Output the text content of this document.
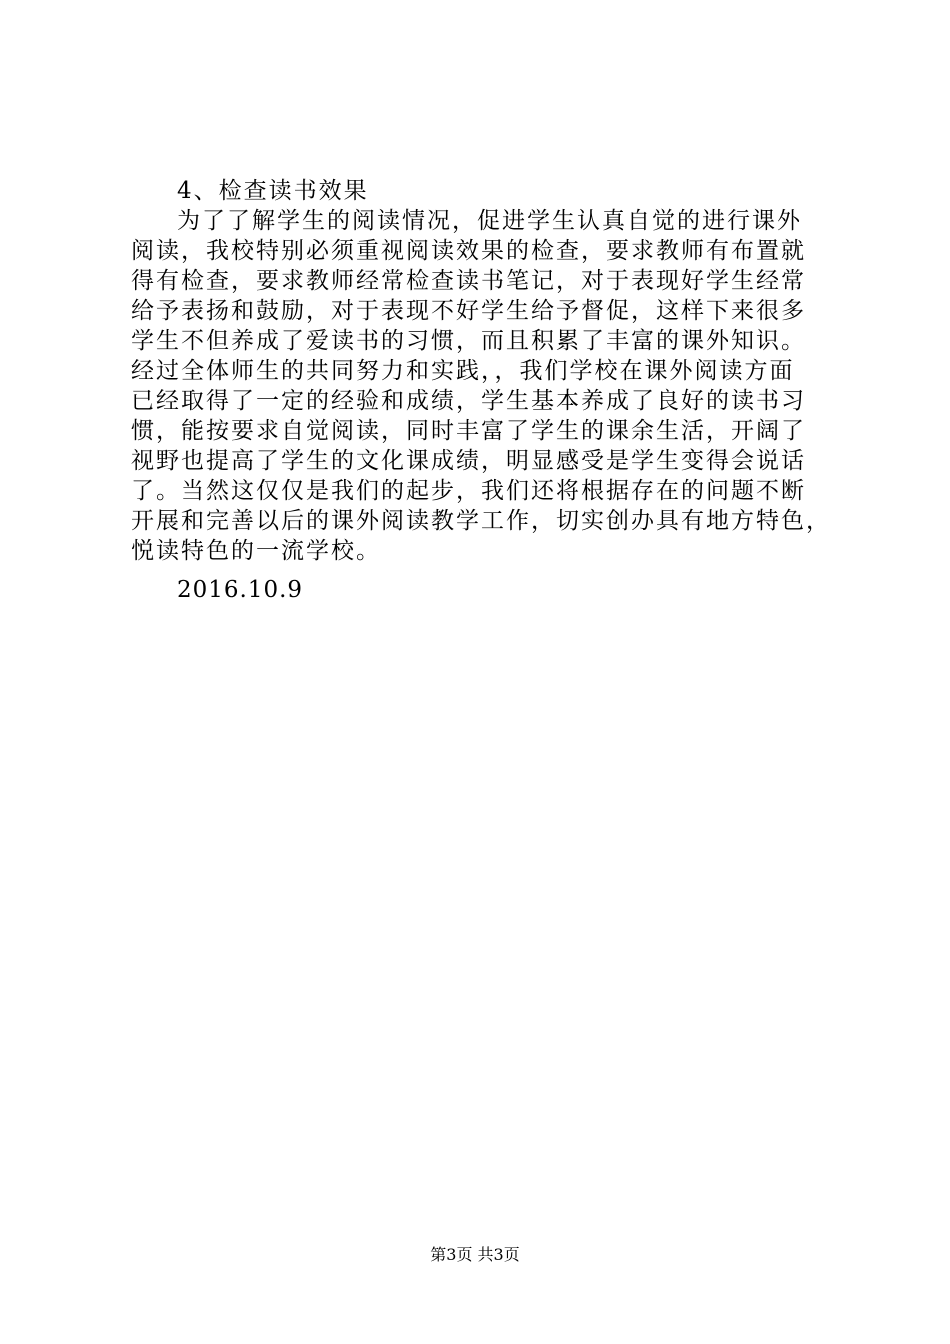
4、检查读书效果
为了了解学生的阅读情况，促进学生认真自觉的进行课外
阅读，我校特别必须重视阅读效果的检查，要求教师有布置就
得有检查，要求教师经常检查读书笔记，对于表现好学生经常
给予表扬和鼓励，对于表现不好学生给予督促，这样下来很多
学生不但养成了爱读书的习惯，而且积累了丰富的课外知识。
经过全体师生的共同努力和实践，，我们学校在课外阅读方面
已经取得了一定的经验和成绩，学生基本养成了良好的读书习
惯，能按要求自觉阅读，同时丰富了学生的课余生活，开阔了
视野也提高了学生的文化课成绩，明显感受是学生变得会说话
了。当然这仅仅是我们的起步，我们还将根据存在的问题不断
开展和完善以后的课外阅读教学工作，切实创办具有地方特色，
悦读特色的一流学校。
2016.10.9
第3页 共3页
